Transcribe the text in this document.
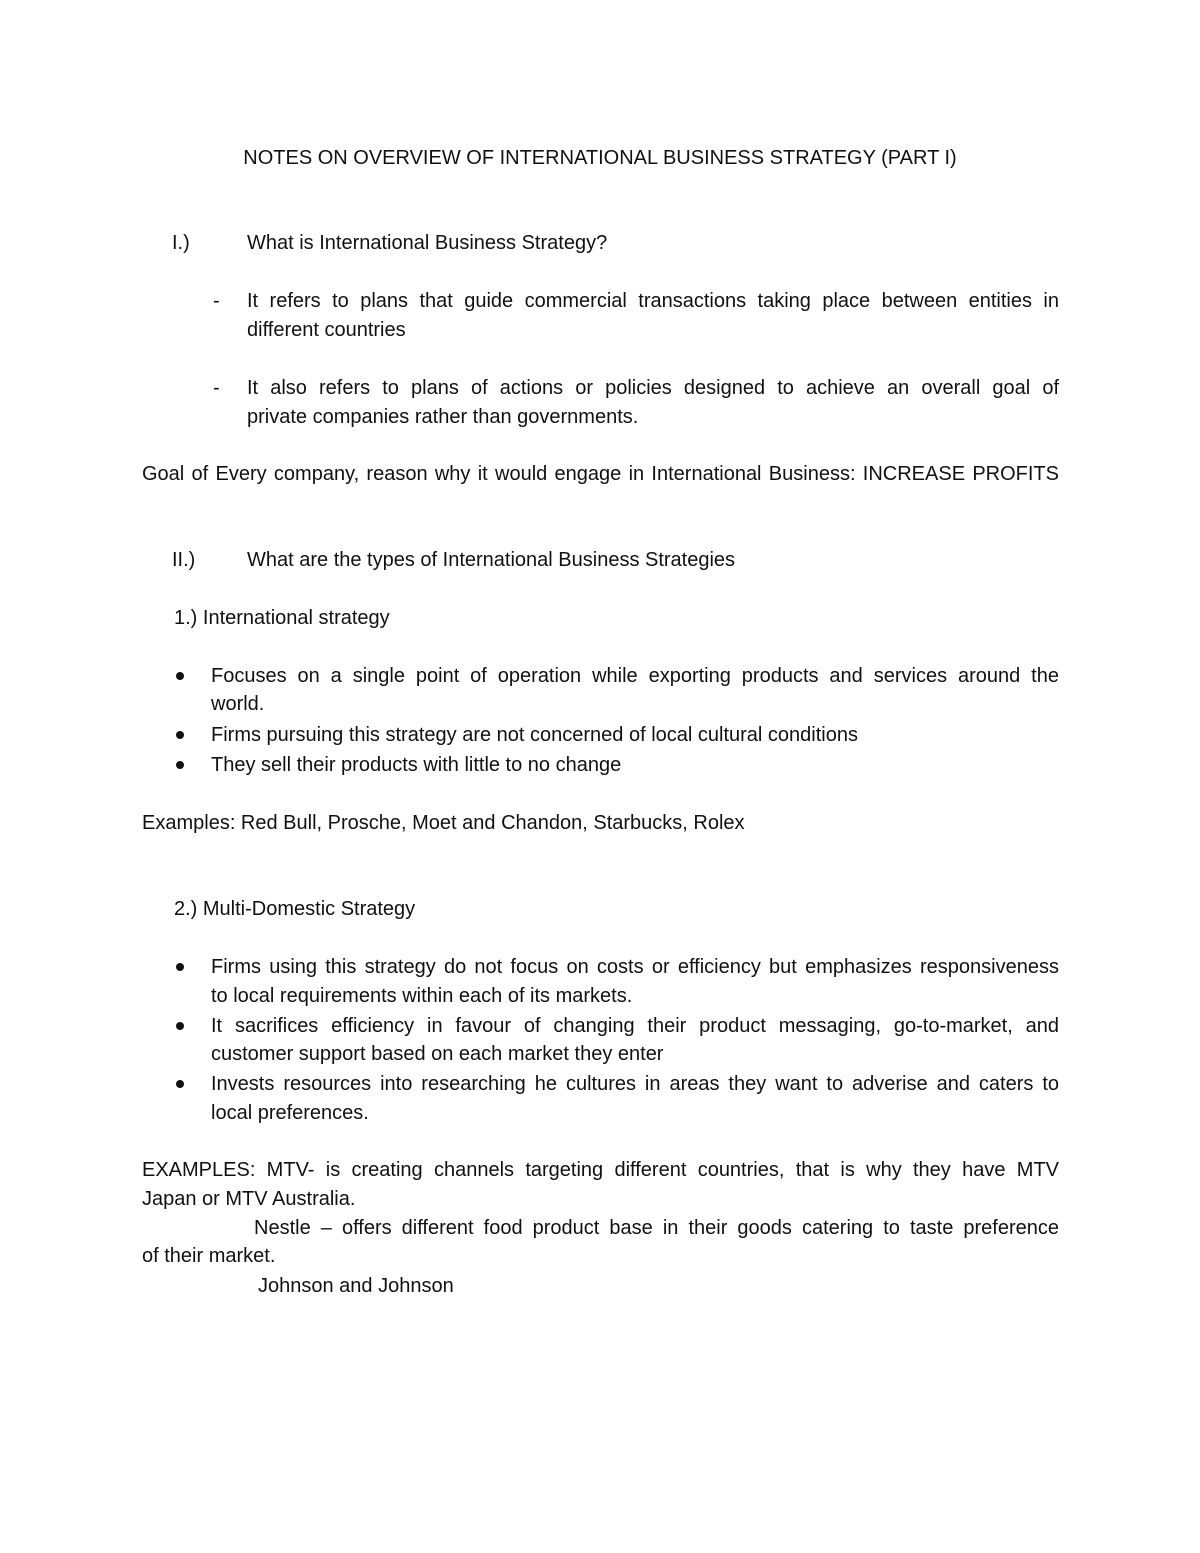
NOTES ON OVERVIEW OF INTERNATIONAL BUSINESS STRATEGY (PART I)
I.)	What is International Business Strategy?
- It refers to plans that guide commercial transactions taking place between entities in
different countries
- It also refers to plans of actions or policies designed to achieve an overall goal of
private companies rather than governments.
Goal of Every company, reason why it would engage in International Business: INCREASE PROFITS
II.)	What are the types of International Business Strategies
1.) International strategy
Focuses on a single point of operation while exporting products and services around the
world.
Firms pursuing this strategy are not concerned of local cultural conditions
They sell their products with little to no change
Examples: Red Bull, Prosche, Moet and Chandon, Starbucks, Rolex
2.) Multi-Domestic Strategy
Firms using this strategy do not focus on costs or efficiency but emphasizes responsiveness
to local requirements within each of its markets.
It sacrifices efficiency in favour of changing their product messaging, go-to-market, and
customer support based on each market they enter
Invests resources into researching he cultures in areas they want to adverise and caters to
local preferences.
EXAMPLES: MTV- is creating channels targeting different countries, that is why they have MTV
Japan or MTV Australia.
Nestle – offers different food product base in their goods catering to taste preference
of their market.
Johnson and Johnson
